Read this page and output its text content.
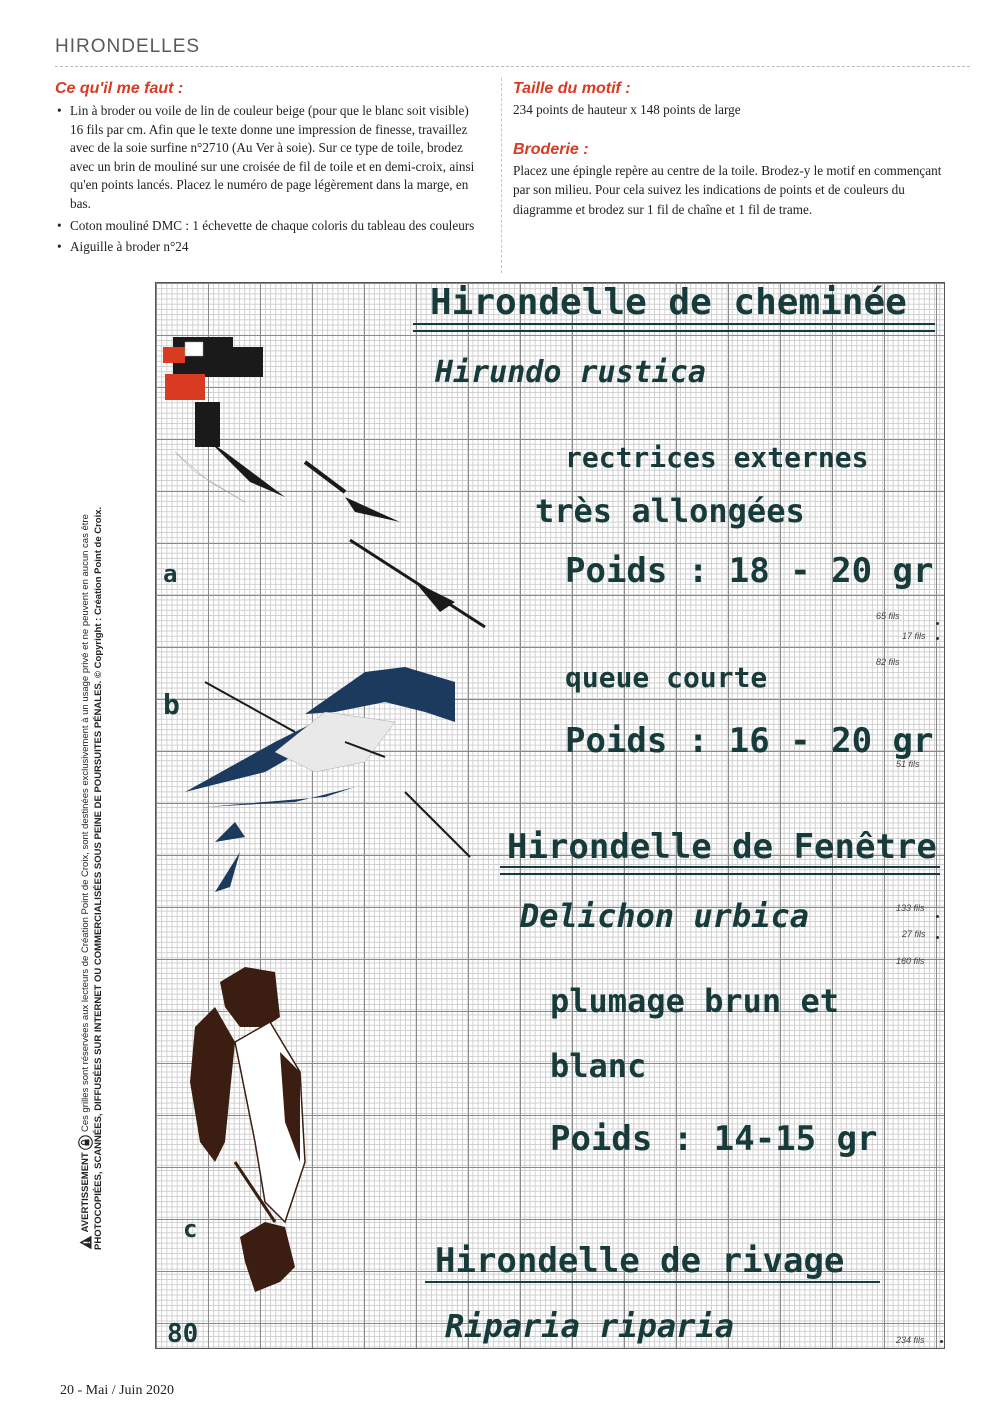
HIRONDELLES
Ce qu'il me faut :
• Lin à broder ou voile de lin de couleur beige (pour que le blanc soit visible) 16 fils par cm. Afin que le texte donne une impression de finesse, travaillez avec de la soie surfine n°2710 (Au Ver à soie). Sur ce type de toile, brodez avec un brin de mouliné sur une croisée de fil de toile et en demi-croix, ainsi qu'en points lancés. Placez le numéro de page légèrement dans la marge, en bas.
• Coton mouliné DMC : 1 échevette de chaque coloris du tableau des couleurs
• Aiguille à broder n°24
Taille du motif :

234 points de hauteur x 148 points de large

Broderie :

Placez une épingle repère au centre de la toile. Brodez-y le motif en commençant par son milieu. Pour cela suivez les indications de points et de couleurs du diagramme et brodez sur 1 fil de chaîne et 1 fil de trame.

a
b
c
80
Hirondelle de cheminée
Hirundo rustica
rectrices externes
très allongées
Poids : 18 - 20 gr
queue courte
Poids : 16 - 20 gr
Hirondelle de Fenêtre
Delichon urbica
plumage brun et
blanc
Poids : 14-15 gr
Hirondelle de rivage
Riparia riparia
65 fils
17 fils
82 fils
51 fils
133 fils
27 fils
160 fils
234 fils
AVERTISSEMENT  Ces grilles sont réservées aux lecteurs de Création Point de Croix, sont destinées exclusivement à un usage privé et ne peuvent en aucun cas être PHOTOCOPIÉES, SCANNÉES, DIFFUSÉES SUR INTERNET OU COMMERCIALISÉES SOUS PEINE DE POURSUITES PÉNALES. © Copyright : Création Point de Croix.
20 - Mai / Juin 2020
